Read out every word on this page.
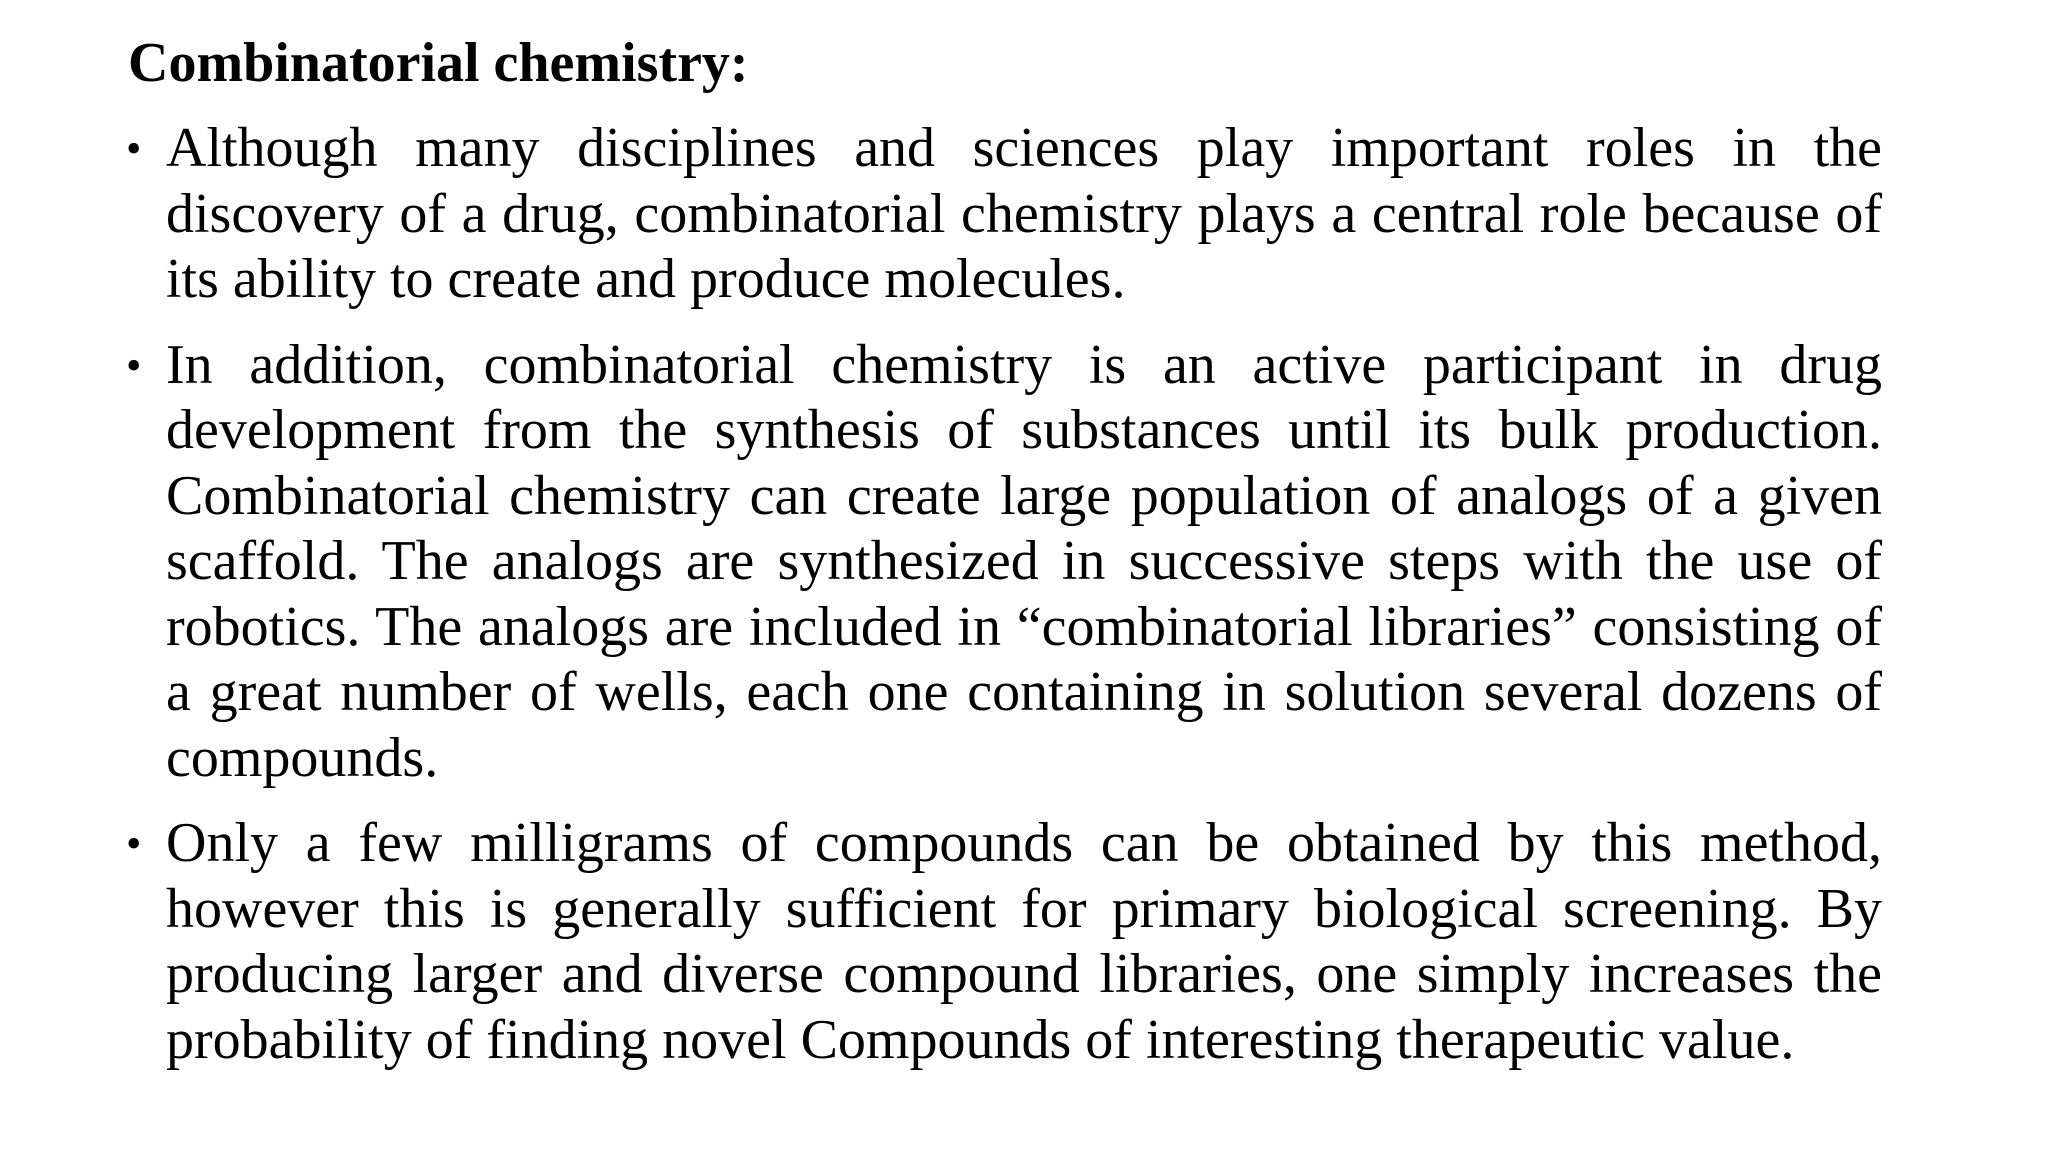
Combinatorial chemistry:
• Although many disciplines and sciences play important roles in the discovery of a drug, combinatorial chemistry plays a central role because of its ability to create and produce molecules.
• In addition, combinatorial chemistry is an active participant in drug development from the synthesis of substances until its bulk production. Combinatorial chemistry can create large population of analogs of a given scaffold. The analogs are synthesized in successive steps with the use of robotics. The analogs are included in “combinatorial libraries” consisting of a great number of wells, each one containing in solution several dozens of compounds.
• Only a few milligrams of compounds can be obtained by this method, however this is generally sufficient for primary biological screening. By producing larger and diverse compound libraries, one simply increases the probability of finding novel Compounds of interesting therapeutic value.
